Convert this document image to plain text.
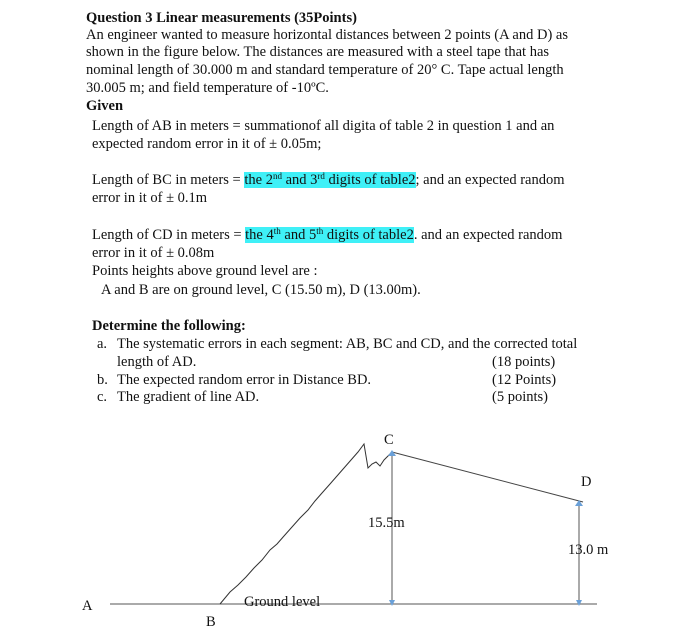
Question 3 Linear measurements (35Points)
An engineer wanted to measure horizontal distances between 2 points (A and D) as
shown in the figure below. The distances are measured with a steel tape that has
nominal length of 30.000 m and standard temperature of 20° C. Tape actual length
30.005 m; and field temperature of -10ºC.
Given
Length of AB in meters = summationof all digita of table 2 in question 1 and an
expected random error in it of ± 0.05m;
Length of BC in meters = the 2nd and 3rd digits of table2; and an expected random
error in it of ± 0.1m
Length of CD in meters = the 4th and 5th digits of table2. and an expected random
error in it of ± 0.08m
Points heights above ground level are :
A and B are on ground level, C (15.50 m), D (13.00m).
Determine the following:
a. The systematic errors in each segment: AB, BC and CD, and the corrected total
length of AD.	(18 points)
b. The expected random error in Distance BD.	(12 Points)
c. The gradient of line AD.	(5 points)
C
D
15.5m
13.0 m
Ground level
A
B
